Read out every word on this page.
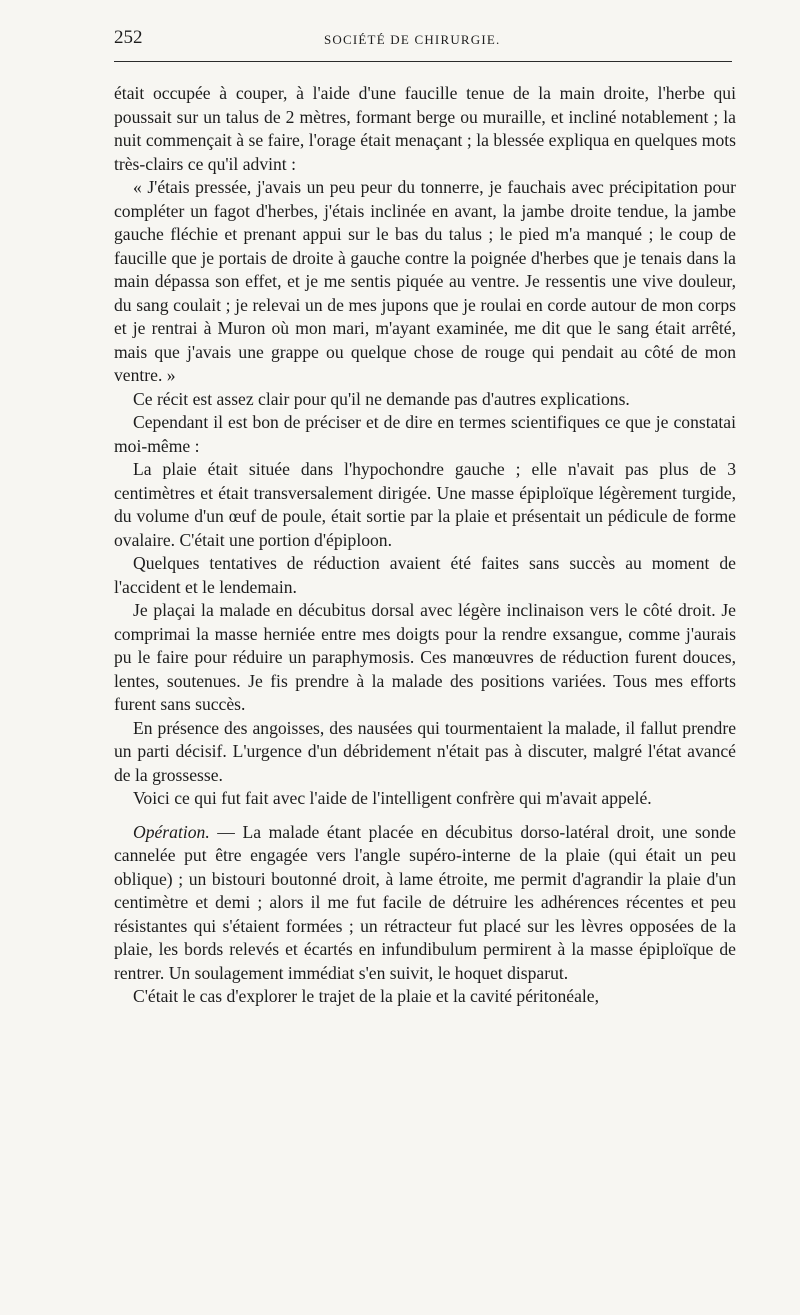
252	SOCIÉTÉ DE CHIRURGIE.

était occupée à couper, à l'aide d'une faucille tenue de la main droite, l'herbe qui poussait sur un talus de 2 mètres, formant berge ou muraille, et incliné notablement ; la nuit commençait à se faire, l'orage était menaçant ; la blessée expliqua en quelques mots très-clairs ce qu'il advint :

« J'étais pressée, j'avais un peu peur du tonnerre, je fauchais avec précipitation pour compléter un fagot d'herbes, j'étais inclinée en avant, la jambe droite tendue, la jambe gauche fléchie et prenant appui sur le bas du talus ; le pied m'a manqué ; le coup de faucille que je portais de droite à gauche contre la poignée d'herbes que je tenais dans la main dépassa son effet, et je me sentis piquée au ventre. Je ressentis une vive douleur, du sang coulait ; je relevai un de mes jupons que je roulai en corde autour de mon corps et je rentrai à Muron où mon mari, m'ayant examinée, me dit que le sang était arrêté, mais que j'avais une grappe ou quelque chose de rouge qui pendait au côté de mon ventre. »

Ce récit est assez clair pour qu'il ne demande pas d'autres explications.

Cependant il est bon de préciser et de dire en termes scientifiques ce que je constatai moi-même :

La plaie était située dans l'hypochondre gauche ; elle n'avait pas plus de 3 centimètres et était transversalement dirigée. Une masse épiploïque légèrement turgide, du volume d'un œuf de poule, était sortie par la plaie et présentait un pédicule de forme ovalaire. C'était une portion d'épiploon.

Quelques tentatives de réduction avaient été faites sans succès au moment de l'accident et le lendemain.

Je plaçai la malade en décubitus dorsal avec légère inclinaison vers le côté droit. Je comprimai la masse herniée entre mes doigts pour la rendre exsangue, comme j'aurais pu le faire pour réduire un paraphymosis. Ces manœuvres de réduction furent douces, lentes, soutenues. Je fis prendre à la malade des positions variées. Tous mes efforts furent sans succès.

En présence des angoisses, des nausées qui tourmentaient la malade, il fallut prendre un parti décisif. L'urgence d'un débridement n'était pas à discuter, malgré l'état avancé de la grossesse.

Voici ce qui fut fait avec l'aide de l'intelligent confrère qui m'avait appelé.

Opération. — La malade étant placée en décubitus dorso-latéral droit, une sonde cannelée put être engagée vers l'angle supéro-interne de la plaie (qui était un peu oblique) ; un bistouri boutonné droit, à lame étroite, me permit d'agrandir la plaie d'un centimètre et demi ; alors il me fut facile de détruire les adhérences récentes et peu résistantes qui s'étaient formées ; un rétracteur fut placé sur les lèvres opposées de la plaie, les bords relevés et écartés en infundibulum permirent à la masse épiploïque de rentrer. Un soulagement immédiat s'en suivit, le hoquet disparut.

C'était le cas d'explorer le trajet de la plaie et la cavité péritonéale,
